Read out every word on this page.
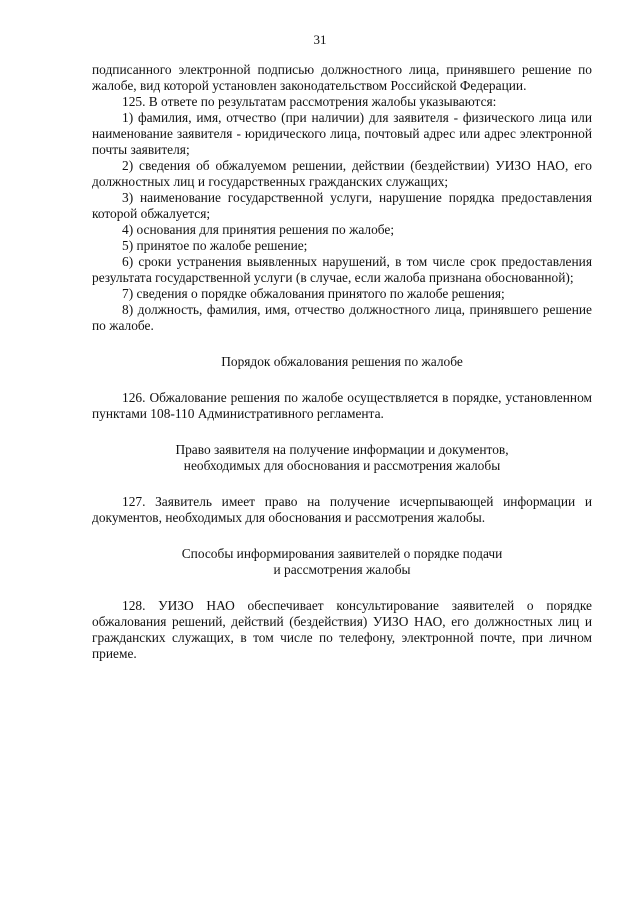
31

подписанного электронной подписью должностного лица, принявшего решение по жалобе, вид которой установлен законодательством Российской Федерации.

125. В ответе по результатам рассмотрения жалобы указываются:

1) фамилия, имя, отчество (при наличии) для заявителя - физического лица или наименование заявителя - юридического лица, почтовый адрес или адрес электронной почты заявителя;

2) сведения об обжалуемом решении, действии (бездействии) УИЗО НАО, его должностных лиц и государственных гражданских служащих;

3) наименование государственной услуги, нарушение порядка предоставления которой обжалуется;

4) основания для принятия решения по жалобе;

5) принятое по жалобе решение;

6) сроки устранения выявленных нарушений, в том числе срок предоставления результата государственной услуги (в случае, если жалоба признана обоснованной);

7) сведения о порядке обжалования принятого по жалобе решения;

8) должность, фамилия, имя, отчество должностного лица, принявшего решение по жалобе.

Порядок обжалования решения по жалобе

126. Обжалование решения по жалобе осуществляется в порядке, установленном пунктами 108-110 Административного регламента.

Право заявителя на получение информации и документов,
необходимых для обоснования и рассмотрения жалобы

127. Заявитель имеет право на получение исчерпывающей информации и документов, необходимых для обоснования и рассмотрения жалобы.

Способы информирования заявителей о порядке подачи
и рассмотрения жалобы

128. УИЗО НАО обеспечивает консультирование заявителей о порядке обжалования решений, действий (бездействия) УИЗО НАО, его должностных лиц и гражданских служащих, в том числе по телефону, электронной почте, при личном приеме.
